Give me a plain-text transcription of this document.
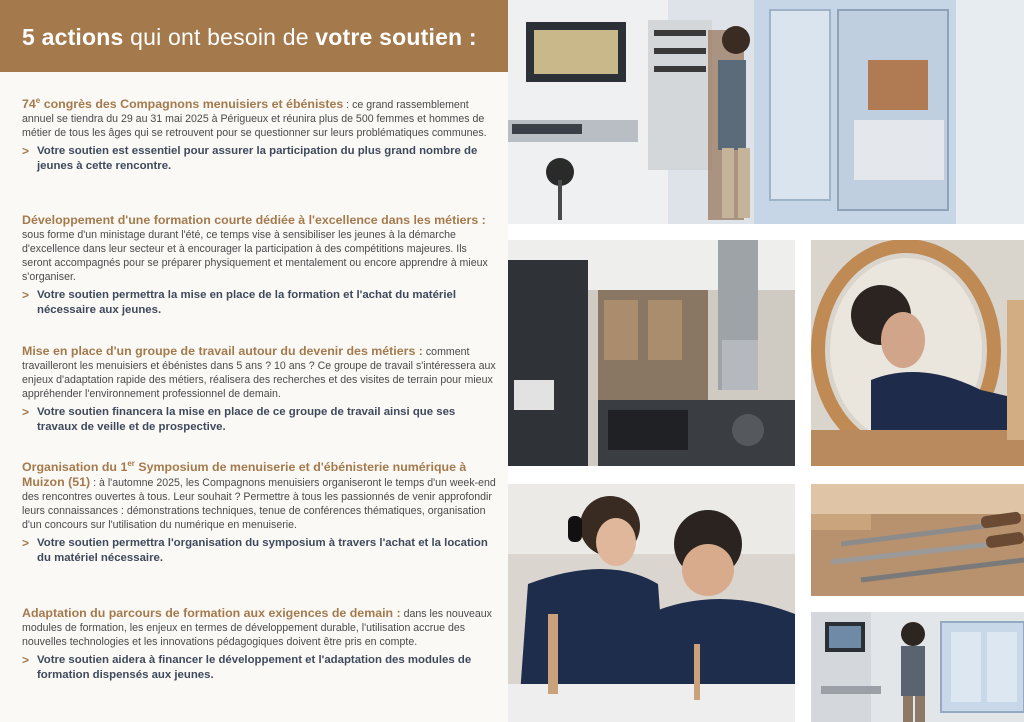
5 actions qui ont besoin de votre soutien :

74e congrès des Compagnons menuisiers et ébénistes : ce grand rassemblement annuel se tiendra du 29 au 31 mai 2025 à Périgueux et réunira plus de 500 femmes et hommes de métier de tous les âges qui se retrouvent pour se questionner sur leurs problématiques communes.

> Votre soutien est essentiel pour assurer la participation du plus grand nombre de jeunes à cette rencontre.

Développement d'une formation courte dédiée à l'excellence dans les métiers : sous forme d'un ministage durant l'été, ce temps vise à sensibiliser les jeunes à la démarche d'excellence dans leur secteur et à encourager la participation à des compétitions majeures. Ils seront accompagnés pour se préparer physiquement et mentalement ou encore apprendre à mieux s'organiser.

> Votre soutien permettra la mise en place de la formation et l'achat du matériel nécessaire aux jeunes.

Mise en place d'un groupe de travail autour du devenir des métiers : comment travailleront les menuisiers et ébénistes dans 5 ans ? 10 ans ? Ce groupe de travail s'intéressera aux enjeux d'adaptation rapide des métiers, réalisera des recherches et des visites de terrain pour mieux appréhender l'environnement professionnel de demain.

> Votre soutien financera la mise en place de ce groupe de travail ainsi que ses travaux de veille et de prospective.

Organisation du 1er Symposium de menuiserie et d'ébénisterie numérique à Muizon (51) : à l'automne 2025, les Compagnons menuisiers organiseront le temps d'un week-end des rencontres ouvertes à tous. Leur souhait ? Permettre à tous les passionnés de venir approfondir leurs connaissances : démonstrations techniques, tenue de conférences thématiques, organisation d'un concours sur l'utilisation du numérique en menuiserie.

> Votre soutien permettra l'organisation du symposium à travers l'achat et la location du matériel nécessaire.

Adaptation du parcours de formation aux exigences de demain : dans les nouveaux modules de formation, les enjeux en termes de développement durable, l'utilisation accrue des nouvelles technologies et les innovations pédagogiques doivent être pris en compte.

> Votre soutien aidera à financer le développement et l'adaptation des modules de formation dispensés aux jeunes.
